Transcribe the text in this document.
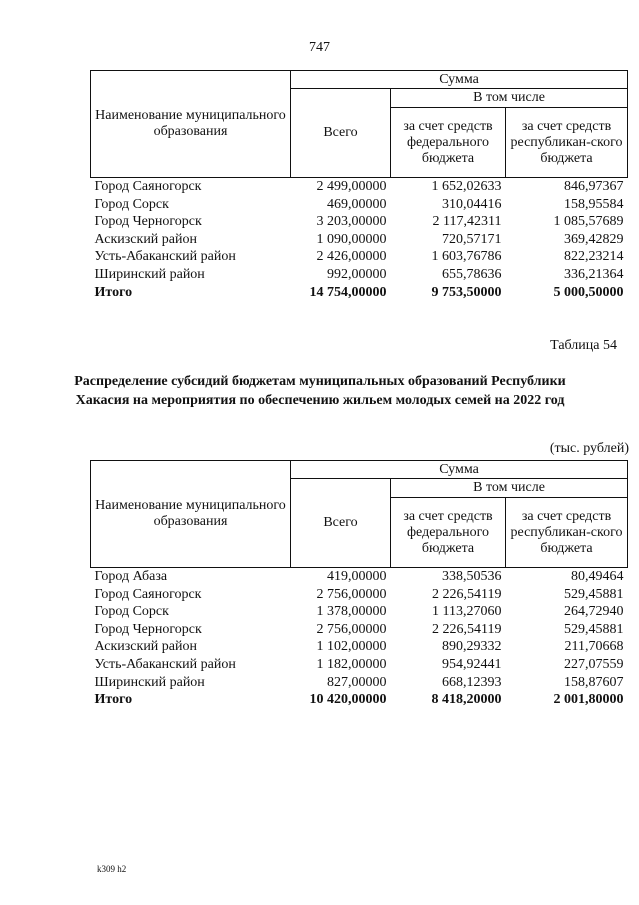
747
Наименование муниципального образования	Сумма		
	Всего	В том числе	
		за счет средств федерального бюджета	за счет средств республикан-ского бюджета
Город Саяногорск	2 499,00000	1 652,02633	846,97367
Город Сорск	469,00000	310,04416	158,95584
Город Черногорск	3 203,00000	2 117,42311	1 085,57689
Аскизский район	1 090,00000	720,57171	369,42829
Усть-Абаканский район	2 426,00000	1 603,76786	822,23214
Ширинский район	992,00000	655,78636	336,21364
Итого	14 754,00000	9 753,50000	5 000,50000
Таблица 54
Распределение субсидий бюджетам муниципальных образований Республики Хакасия на мероприятия по обеспечению жильем молодых семей на 2022 год
(тыс. рублей)
Наименование муниципального образования	Сумма		
	Всего	В том числе	
		за счет средств федерального бюджета	за счет средств республикан-ского бюджета
Город Абаза	419,00000	338,50536	80,49464
Город Саяногорск	2 756,00000	2 226,54119	529,45881
Город Сорск	1 378,00000	1 113,27060	264,72940
Город Черногорск	2 756,00000	2 226,54119	529,45881
Аскизский район	1 102,00000	890,29332	211,70668
Усть-Абаканский район	1 182,00000	954,92441	227,07559
Ширинский район	827,00000	668,12393	158,87607
Итого	10 420,00000	8 418,20000	2 001,80000
k309 h2
